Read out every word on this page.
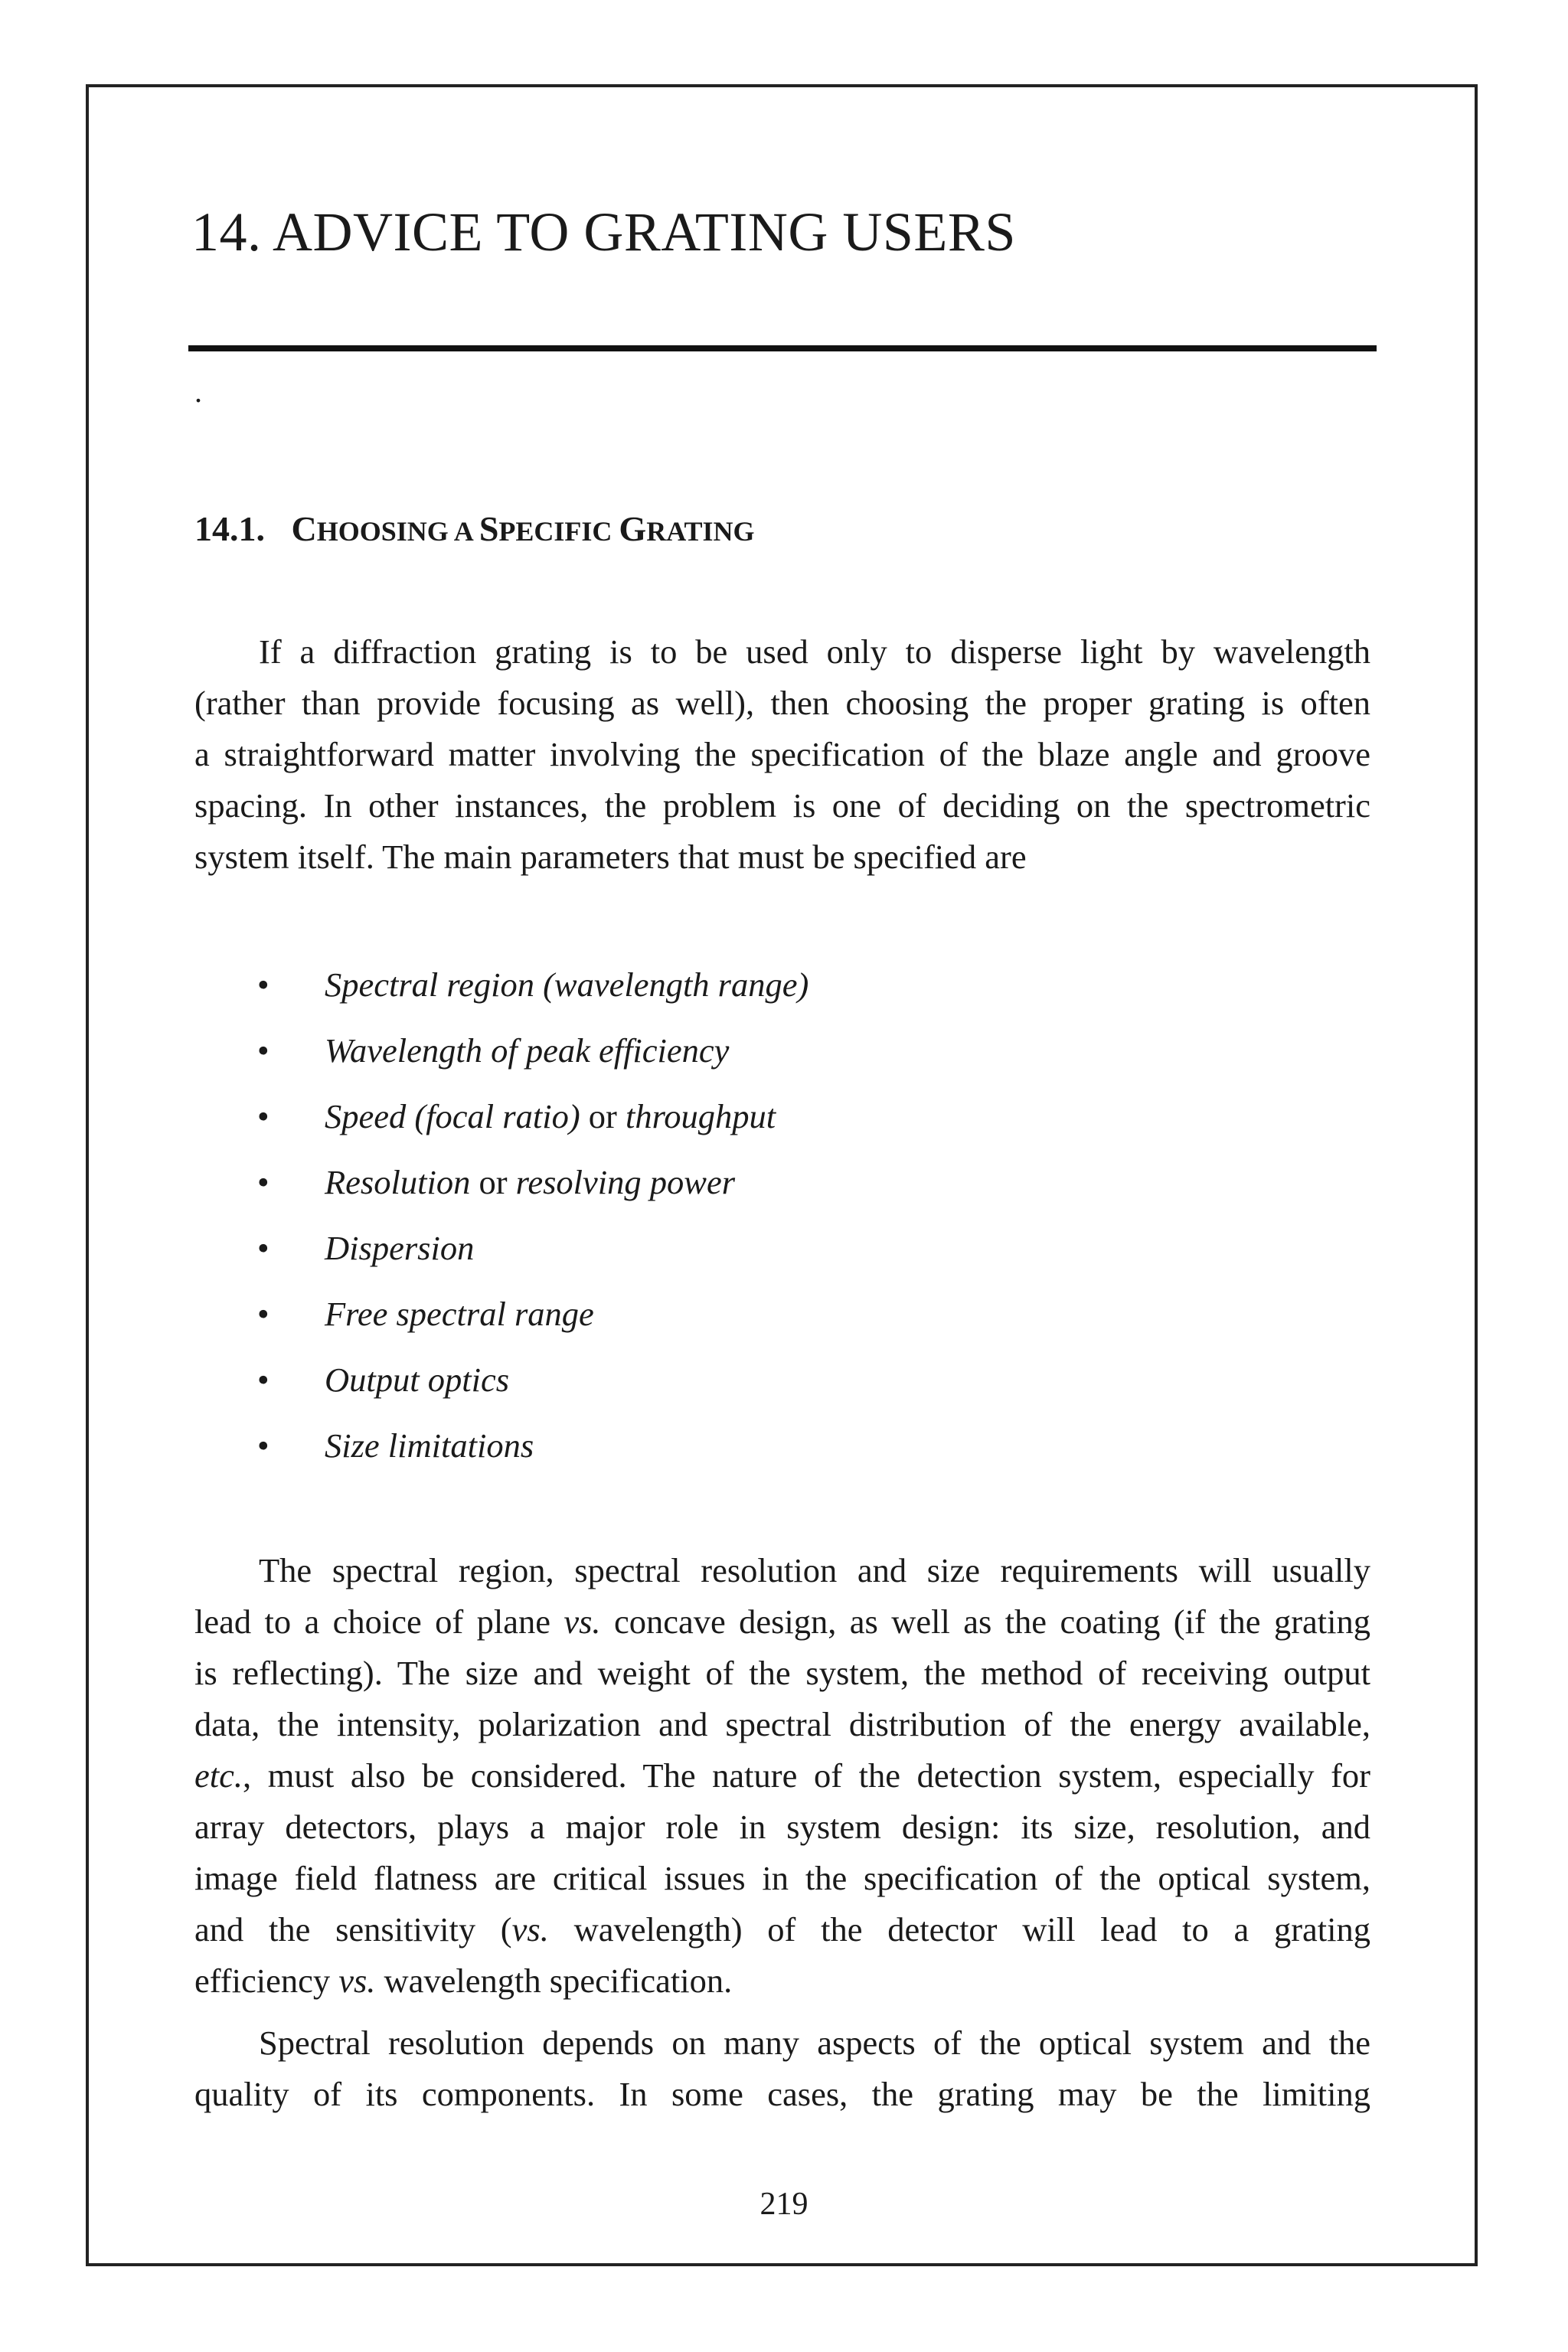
14. ADVICE TO GRATING USERS
.
14.1. CHOOSING A SPECIFIC GRATING
If a diffraction grating is to be used only to disperse light by wavelength
(rather than provide focusing as well), then choosing the proper grating is often
a straightforward matter involving the specification of the blaze angle and groove
spacing. In other instances, the problem is one of deciding on the spectrometric
system itself. The main parameters that must be specified are
• Spectral region (wavelength range)
• Wavelength of peak efficiency
• Speed (focal ratio) or throughput
• Resolution or resolving power
• Dispersion
• Free spectral range
• Output optics
• Size limitations
The spectral region, spectral resolution and size requirements will usually
lead to a choice of plane vs. concave design, as well as the coating (if the grating
is reflecting). The size and weight of the system, the method of receiving output
data, the intensity, polarization and spectral distribution of the energy available,
etc., must also be considered. The nature of the detection system, especially for
array detectors, plays a major role in system design: its size, resolution, and
image field flatness are critical issues in the specification of the optical system,
and the sensitivity (vs. wavelength) of the detector will lead to a grating
efficiency vs. wavelength specification.
Spectral resolution depends on many aspects of the optical system and the
quality of its components. In some cases, the grating may be the limiting
219
